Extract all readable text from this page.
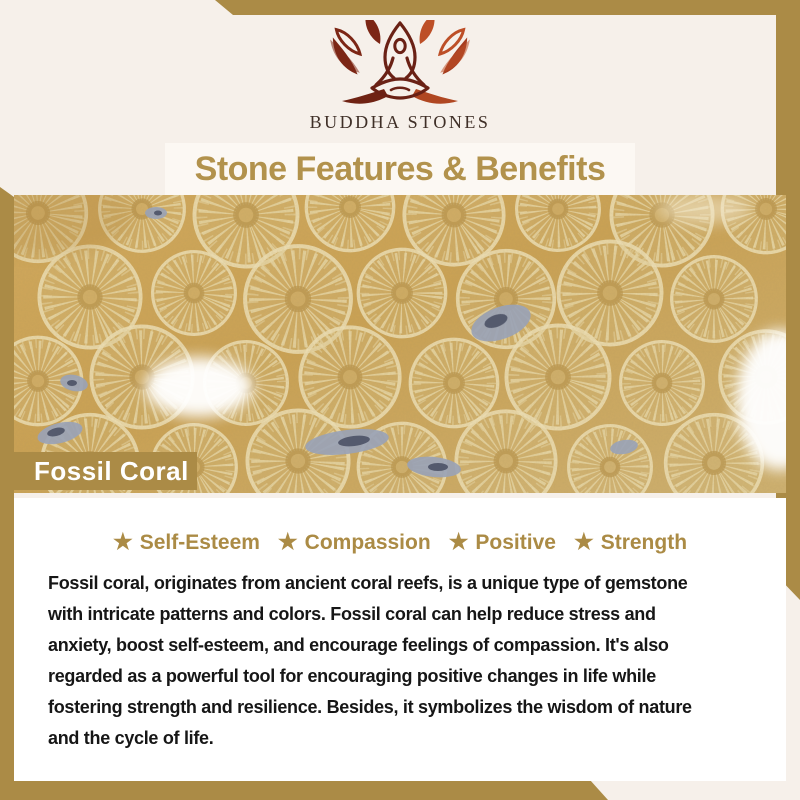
BUDDHA STONES
Stone Features & Benefits
Fossil Coral
★ Self-Esteem ★ Compassion ★ Positive ★ Strength
Fossil coral, originates from ancient coral reefs, is a unique type of gemstone
with intricate patterns and colors. Fossil coral can help reduce stress and
anxiety, boost self-esteem, and encourage feelings of compassion. It's also
regarded as a powerful tool for encouraging positive changes in life while
fostering strength and resilience. Besides, it symbolizes the wisdom of nature
and the cycle of life.
